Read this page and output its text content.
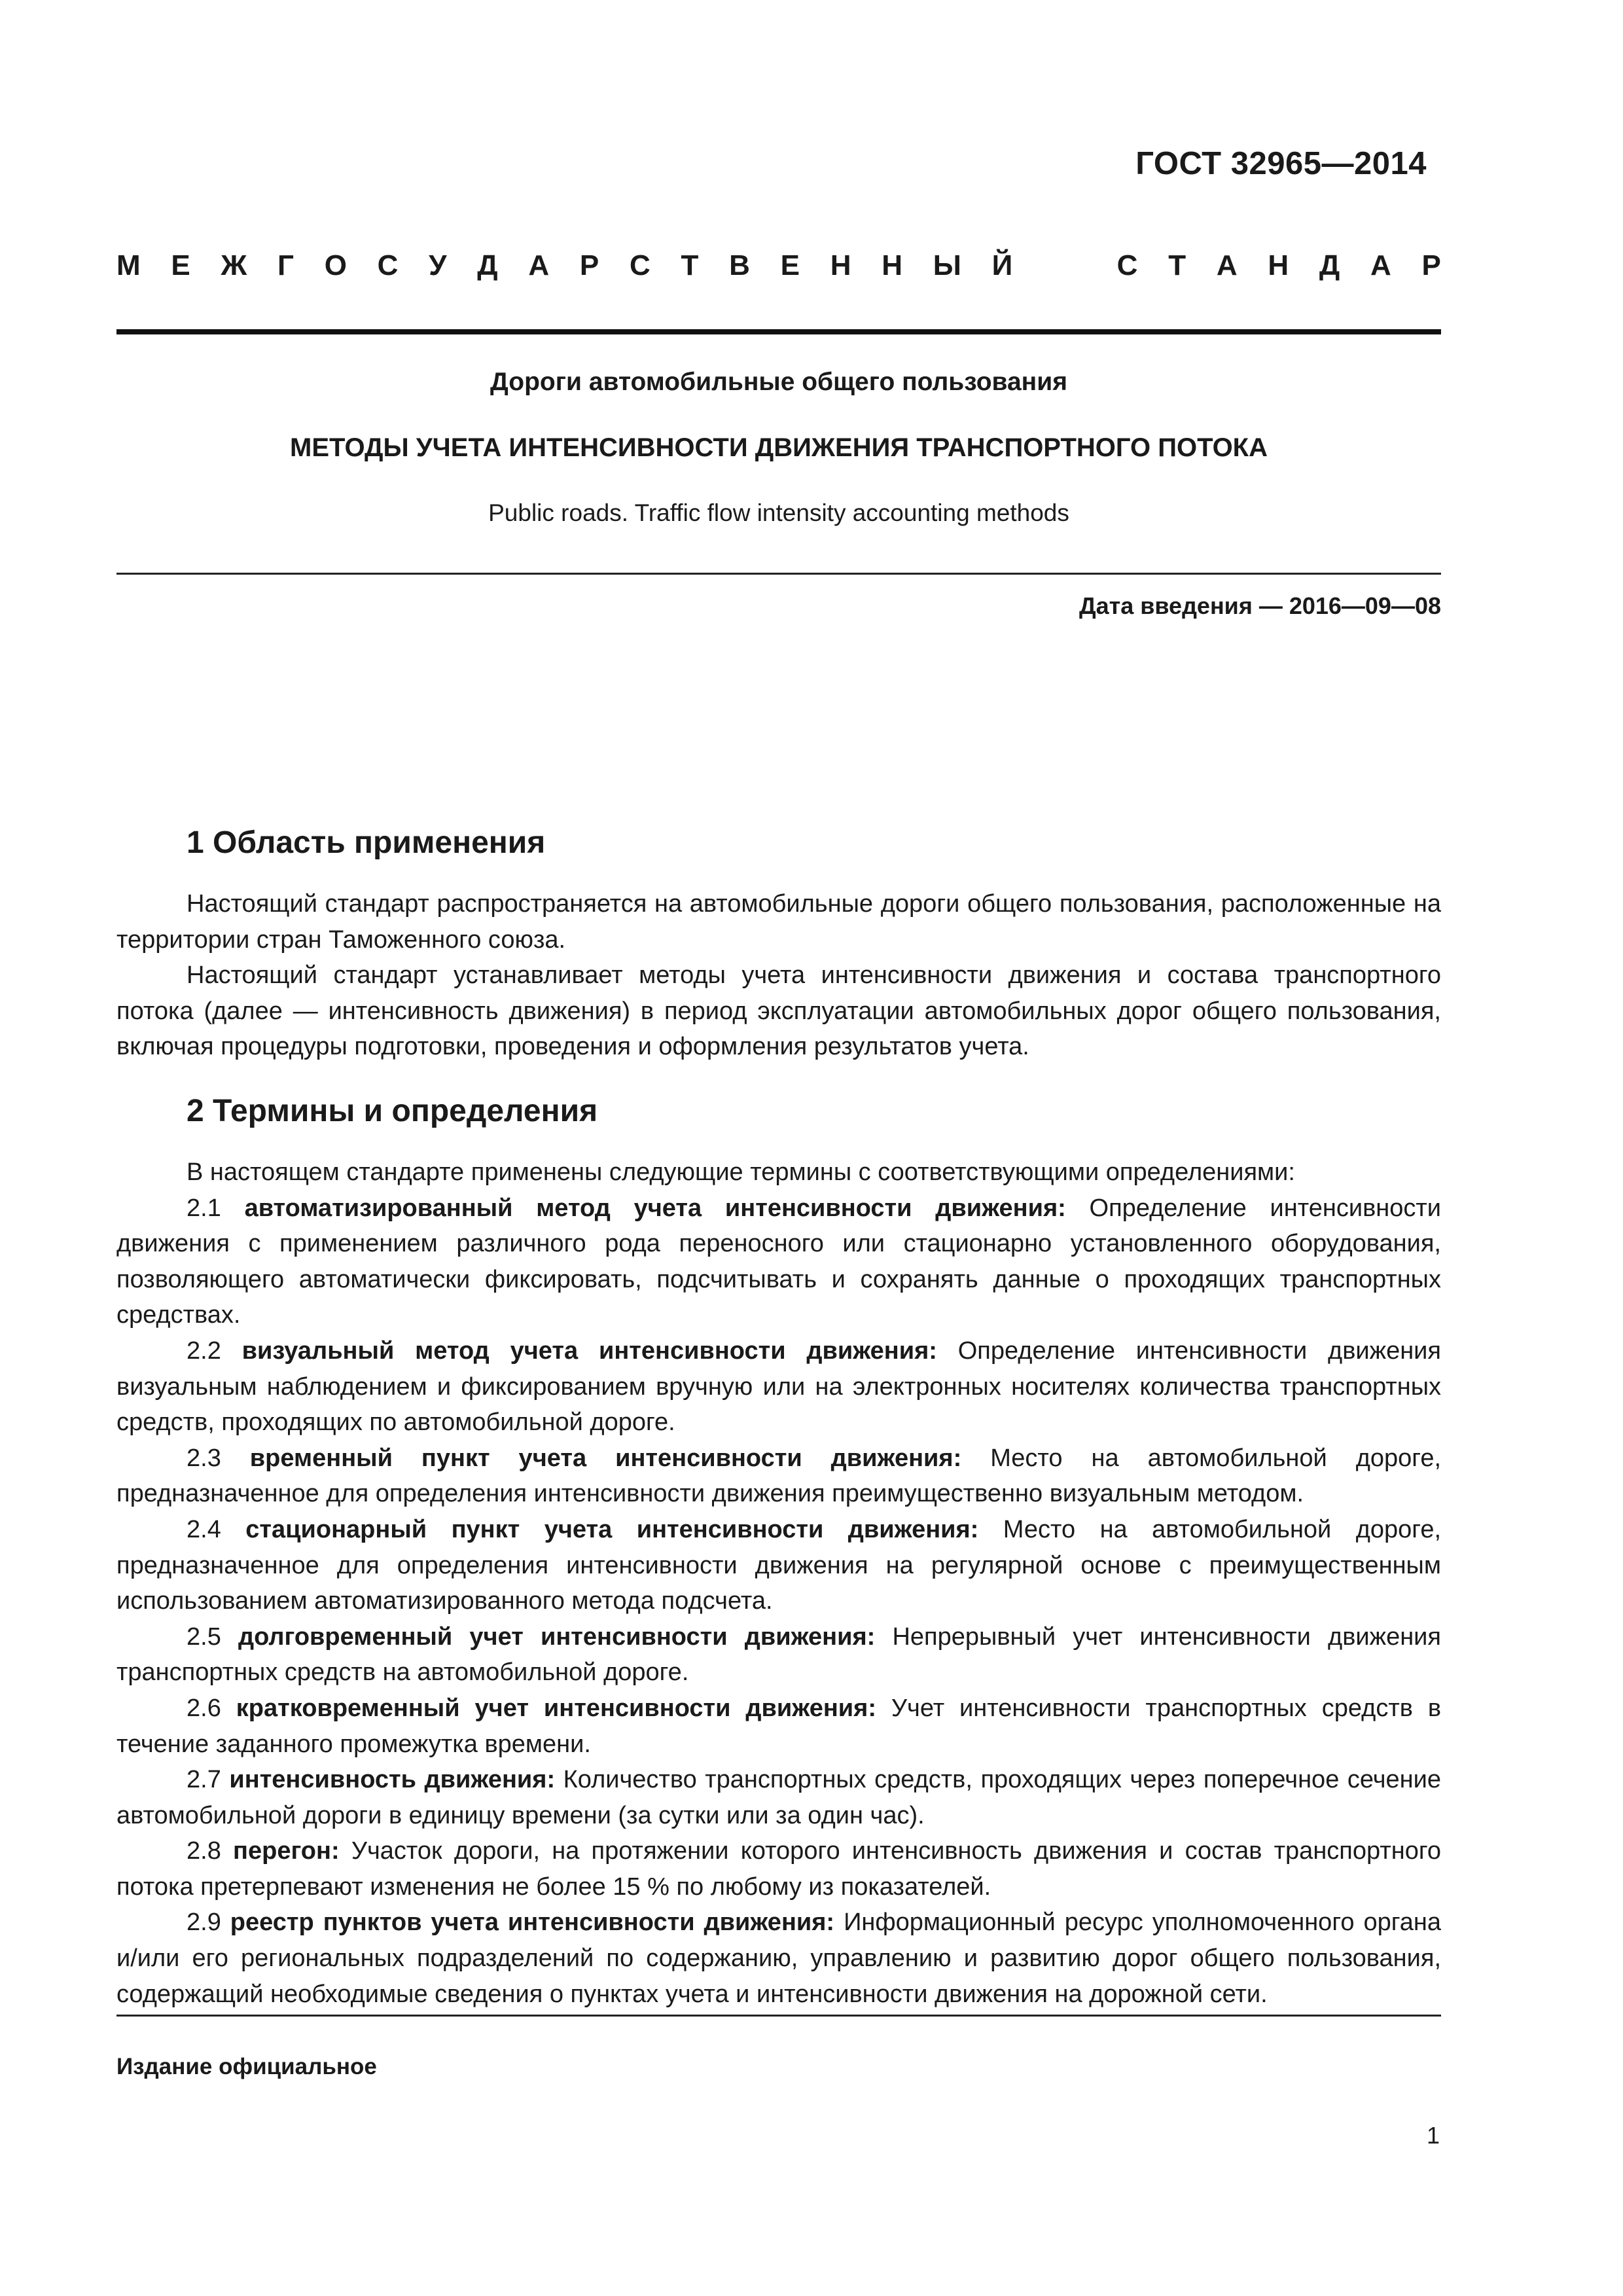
ГОСТ 32965—2014
М Е Ж Г О С У Д А Р С Т В Е Н Н Ы Й	С Т А Н Д А Р
Дороги автомобильные общего пользования
МЕТОДЫ УЧЕТА ИНТЕНСИВНОСТИ ДВИЖЕНИЯ ТРАНСПОРТНОГО ПОТОКА
Public roads. Traffic flow intensity accounting methods
Дата введения — 2016—09—08
1 Область применения

Настоящий стандарт распространяется на автомобильные дороги общего пользования, расположенные на территории стран Таможенного союза.

Настоящий стандарт устанавливает методы учета интенсивности движения и состава транспортного потока (далее — интенсивность движения) в период эксплуатации автомобильных дорог общего пользования, включая процедуры подготовки, проведения и оформления результатов учета.

2 Термины и определения

В настоящем стандарте применены следующие термины с соответствующими определениями:

2.1 автоматизированный метод учета интенсивности движения: Определение интенсивности движения с применением различного рода переносного или стационарно установленного оборудования, позволяющего автоматически фиксировать, подсчитывать и сохранять данные о проходящих транспортных средствах.

2.2 визуальный метод учета интенсивности движения: Определение интенсивности движения визуальным наблюдением и фиксированием вручную или на электронных носителях количества транспортных средств, проходящих по автомобильной дороге.

2.3 временный пункт учета интенсивности движения: Место на автомобильной дороге, предназначенное для определения интенсивности движения преимущественно визуальным методом.

2.4 стационарный пункт учета интенсивности движения: Место на автомобильной дороге, предназначенное для определения интенсивности движения на регулярной основе с преимущественным использованием автоматизированного метода подсчета.

2.5 долговременный учет интенсивности движения: Непрерывный учет интенсивности движения транспортных средств на автомобильной дороге.

2.6 кратковременный учет интенсивности движения: Учет интенсивности транспортных средств в течение заданного промежутка времени.

2.7 интенсивность движения: Количество транспортных средств, проходящих через поперечное сечение автомобильной дороги в единицу времени (за сутки или за один час).

2.8 перегон: Участок дороги, на протяжении которого интенсивность движения и состав транспортного потока претерпевают изменения не более 15 % по любому из показателей.

2.9 реестр пунктов учета интенсивности движения: Информационный ресурс уполномоченного органа и/или его региональных подразделений по содержанию, управлению и развитию дорог общего пользования, содержащий необходимые сведения о пунктах учета и интенсивности движения на дорожной сети.

Издание официальное
1
